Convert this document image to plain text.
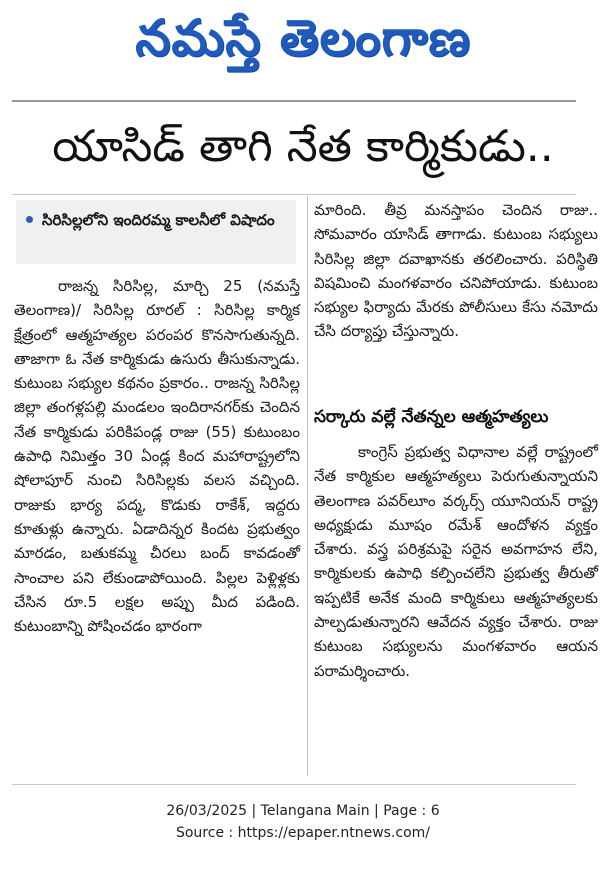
నమస్తే తెలంగాణ
యాసిడ్ తాగి నేత కార్మికుడు..
సిరిసిల్లలోని ఇందిరమ్మ కాలనీలో విషాదం

రాజన్న సిరిసిల్ల, మార్చి 25 (నమస్తే తెలంగాణ)/ సిరిసిల్ల రూరల్ : సిరిసిల్ల కార్మిక క్షేత్రంలో ఆత్మహత్యల పరంపర కొనసాగుతున్నది. తాజాగా ఓ నేత కార్మికుడు ఉసురు తీసుకున్నాడు. కుటుంబ సభ్యుల కథనం ప్రకారం.. రాజన్న సిరిసిల్ల జిల్లా తంగళ్లపల్లి మండలం ఇందిరానగర్‌కు చెందిన నేత కార్మికుడు పరికిపండ్ల రాజు (55) కుటుంబం ఉపాధి నిమిత్తం 30 ఏండ్ల కింద మహారాష్ట్రలోని షోలాపూర్ నుంచి సిరిసిల్లకు వలస వచ్చింది. రాజుకు భార్య పద్మ, కొడుకు రాకేశ్, ఇద్దరు కూతుళ్లు ఉన్నారు. ఏడాదిన్నర కిందట ప్రభుత్వం మారడం, బతుకమ్మ చీరలు బంద్ కావడంతో సాంచాల పని లేకుండాపోయింది. పిల్లల పెళ్లిళ్లకు చేసిన రూ.5 లక్షల అప్పు మీద పడింది. కుటుంబాన్ని పోషించడం భారంగా

మారింది. తీవ్ర మనస్తాపం చెందిన రాజు.. సోమవారం యాసిడ్ తాగాడు. కుటుంబ సభ్యులు సిరిసిల్ల జిల్లా దవాఖానకు తరలించారు. పరిస్థితి విషమించి మంగళవారం చనిపోయాడు. కుటుంబ సభ్యుల ఫిర్యాదు మేరకు పోలీసులు కేసు నమోదు చేసి దర్యాప్తు చేస్తున్నారు.

సర్కారు వల్లే నేతన్నల ఆత్మహత్యలు

కాంగ్రెస్ ప్రభుత్వ విధానాల వల్లే రాష్ట్రంలో నేత కార్మికుల ఆత్మహత్యలు పెరుగుతున్నాయని తెలంగాణ పవర్‌లూం వర్కర్స్ యూనియన్ రాష్ట్ర అధ్యక్షుడు మూషం రమేశ్ ఆందోళన వ్యక్తం చేశారు. వస్త్ర పరిశ్రమపై సరైన అవగాహన లేని, కార్మికులకు ఉపాధి కల్పించలేని ప్రభుత్వ తీరుతో ఇప్పటికే అనేక మంది కార్మికులు ఆత్మహత్యలకు పాల్పడుతున్నారని ఆవేదన వ్యక్తం చేశారు. రాజు కుటుంబ సభ్యులను మంగళవారం ఆయన పరామర్శించారు.

26/03/2025 | Telangana Main | Page : 6
Source : https://epaper.ntnews.com/
